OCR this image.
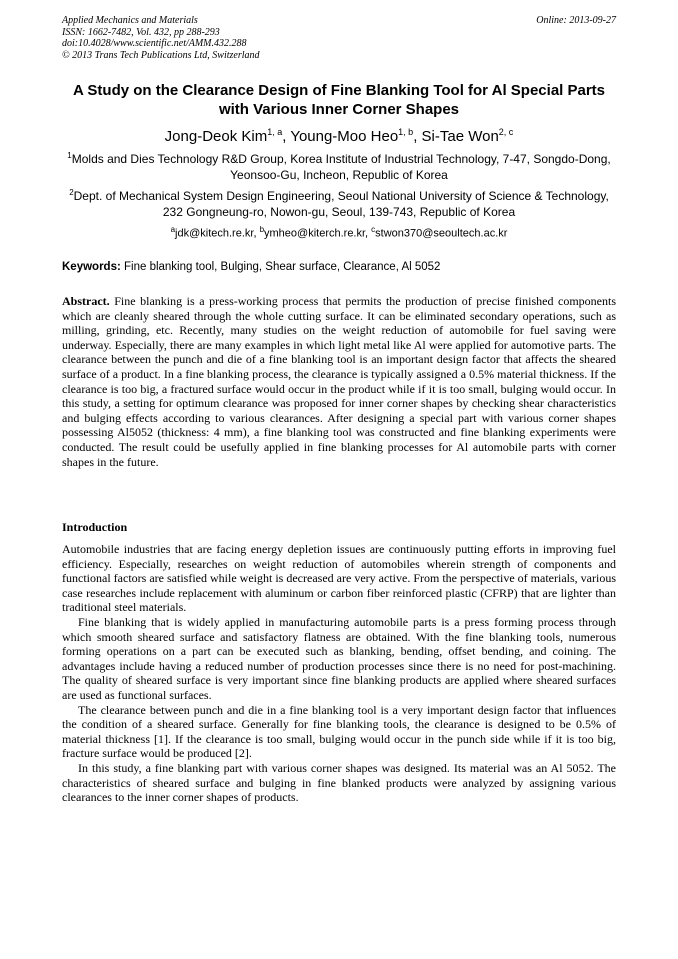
Applied Mechanics and Materials
ISSN: 1662-7482, Vol. 432, pp 288-293
doi:10.4028/www.scientific.net/AMM.432.288
© 2013 Trans Tech Publications Ltd, Switzerland
Online: 2013-09-27
A Study on the Clearance Design of Fine Blanking Tool for Al Special Parts with Various Inner Corner Shapes
Jong-Deok Kim$^{1, a}$, Young-Moo Heo$^{1, b}$, Si-Tae Won$^{2, c}$
$^1$Molds and Dies Technology R&D Group, Korea Institute of Industrial Technology, 7-47, Songdo-Dong, Yeonsoo-Gu, Incheon, Republic of Korea
$^2$Dept. of Mechanical System Design Engineering, Seoul National University of Science & Technology, 232 Gongneung-ro, Nowon-gu, Seoul, 139-743, Republic of Korea
$^a$jdk@kitech.re.kr, $^b$ymheo@kiterch.re.kr, $^c$stwon370@seoultech.ac.kr
Keywords: Fine blanking tool, Bulging, Shear surface, Clearance, Al 5052
Abstract. Fine blanking is a press-working process that permits the production of precise finished components which are cleanly sheared through the whole cutting surface. It can be eliminated secondary operations, such as milling, grinding, etc. Recently, many studies on the weight reduction of automobile for fuel saving were underway. Especially, there are many examples in which light metal like Al were applied for automotive parts. The clearance between the punch and die of a fine blanking tool is an important design factor that affects the sheared surface of a product. In a fine blanking process, the clearance is typically assigned a 0.5% material thickness. If the clearance is too big, a fractured surface would occur in the product while if it is too small, bulging would occur. In this study, a setting for optimum clearance was proposed for inner corner shapes by checking shear characteristics and bulging effects according to various clearances. After designing a special part with various corner shapes possessing Al5052 (thickness: 4 mm), a fine blanking tool was constructed and fine blanking experiments were conducted. The result could be usefully applied in fine blanking processes for Al automobile parts with corner shapes in the future.
Introduction

Automobile industries that are facing energy depletion issues are continuously putting efforts in improving fuel efficiency. Especially, researches on weight reduction of automobiles wherein strength of components and functional factors are satisfied while weight is decreased are very active. From the perspective of materials, various case researches include replacement with aluminum or carbon fiber reinforced plastic (CFRP) that are lighter than traditional steel materials.

Fine blanking that is widely applied in manufacturing automobile parts is a press forming process through which smooth sheared surface and satisfactory flatness are obtained. With the fine blanking tools, numerous forming operations on a part can be executed such as blanking, bending, offset bending, and coining. The advantages include having a reduced number of production processes since there is no need for post-machining. The quality of sheared surface is very important since fine blanking products are applied where sheared surfaces are used as functional surfaces.

The clearance between punch and die in a fine blanking tool is a very important design factor that influences the condition of a sheared surface. Generally for fine blanking tools, the clearance is designed to be 0.5% of material thickness [1]. If the clearance is too small, bulging would occur in the punch side while if it is too big, fracture surface would be produced [2].

In this study, a fine blanking part with various corner shapes was designed. Its material was an Al 5052. The characteristics of sheared surface and bulging in fine blanked products were analyzed by assigning various clearances to the inner corner shapes of products.
